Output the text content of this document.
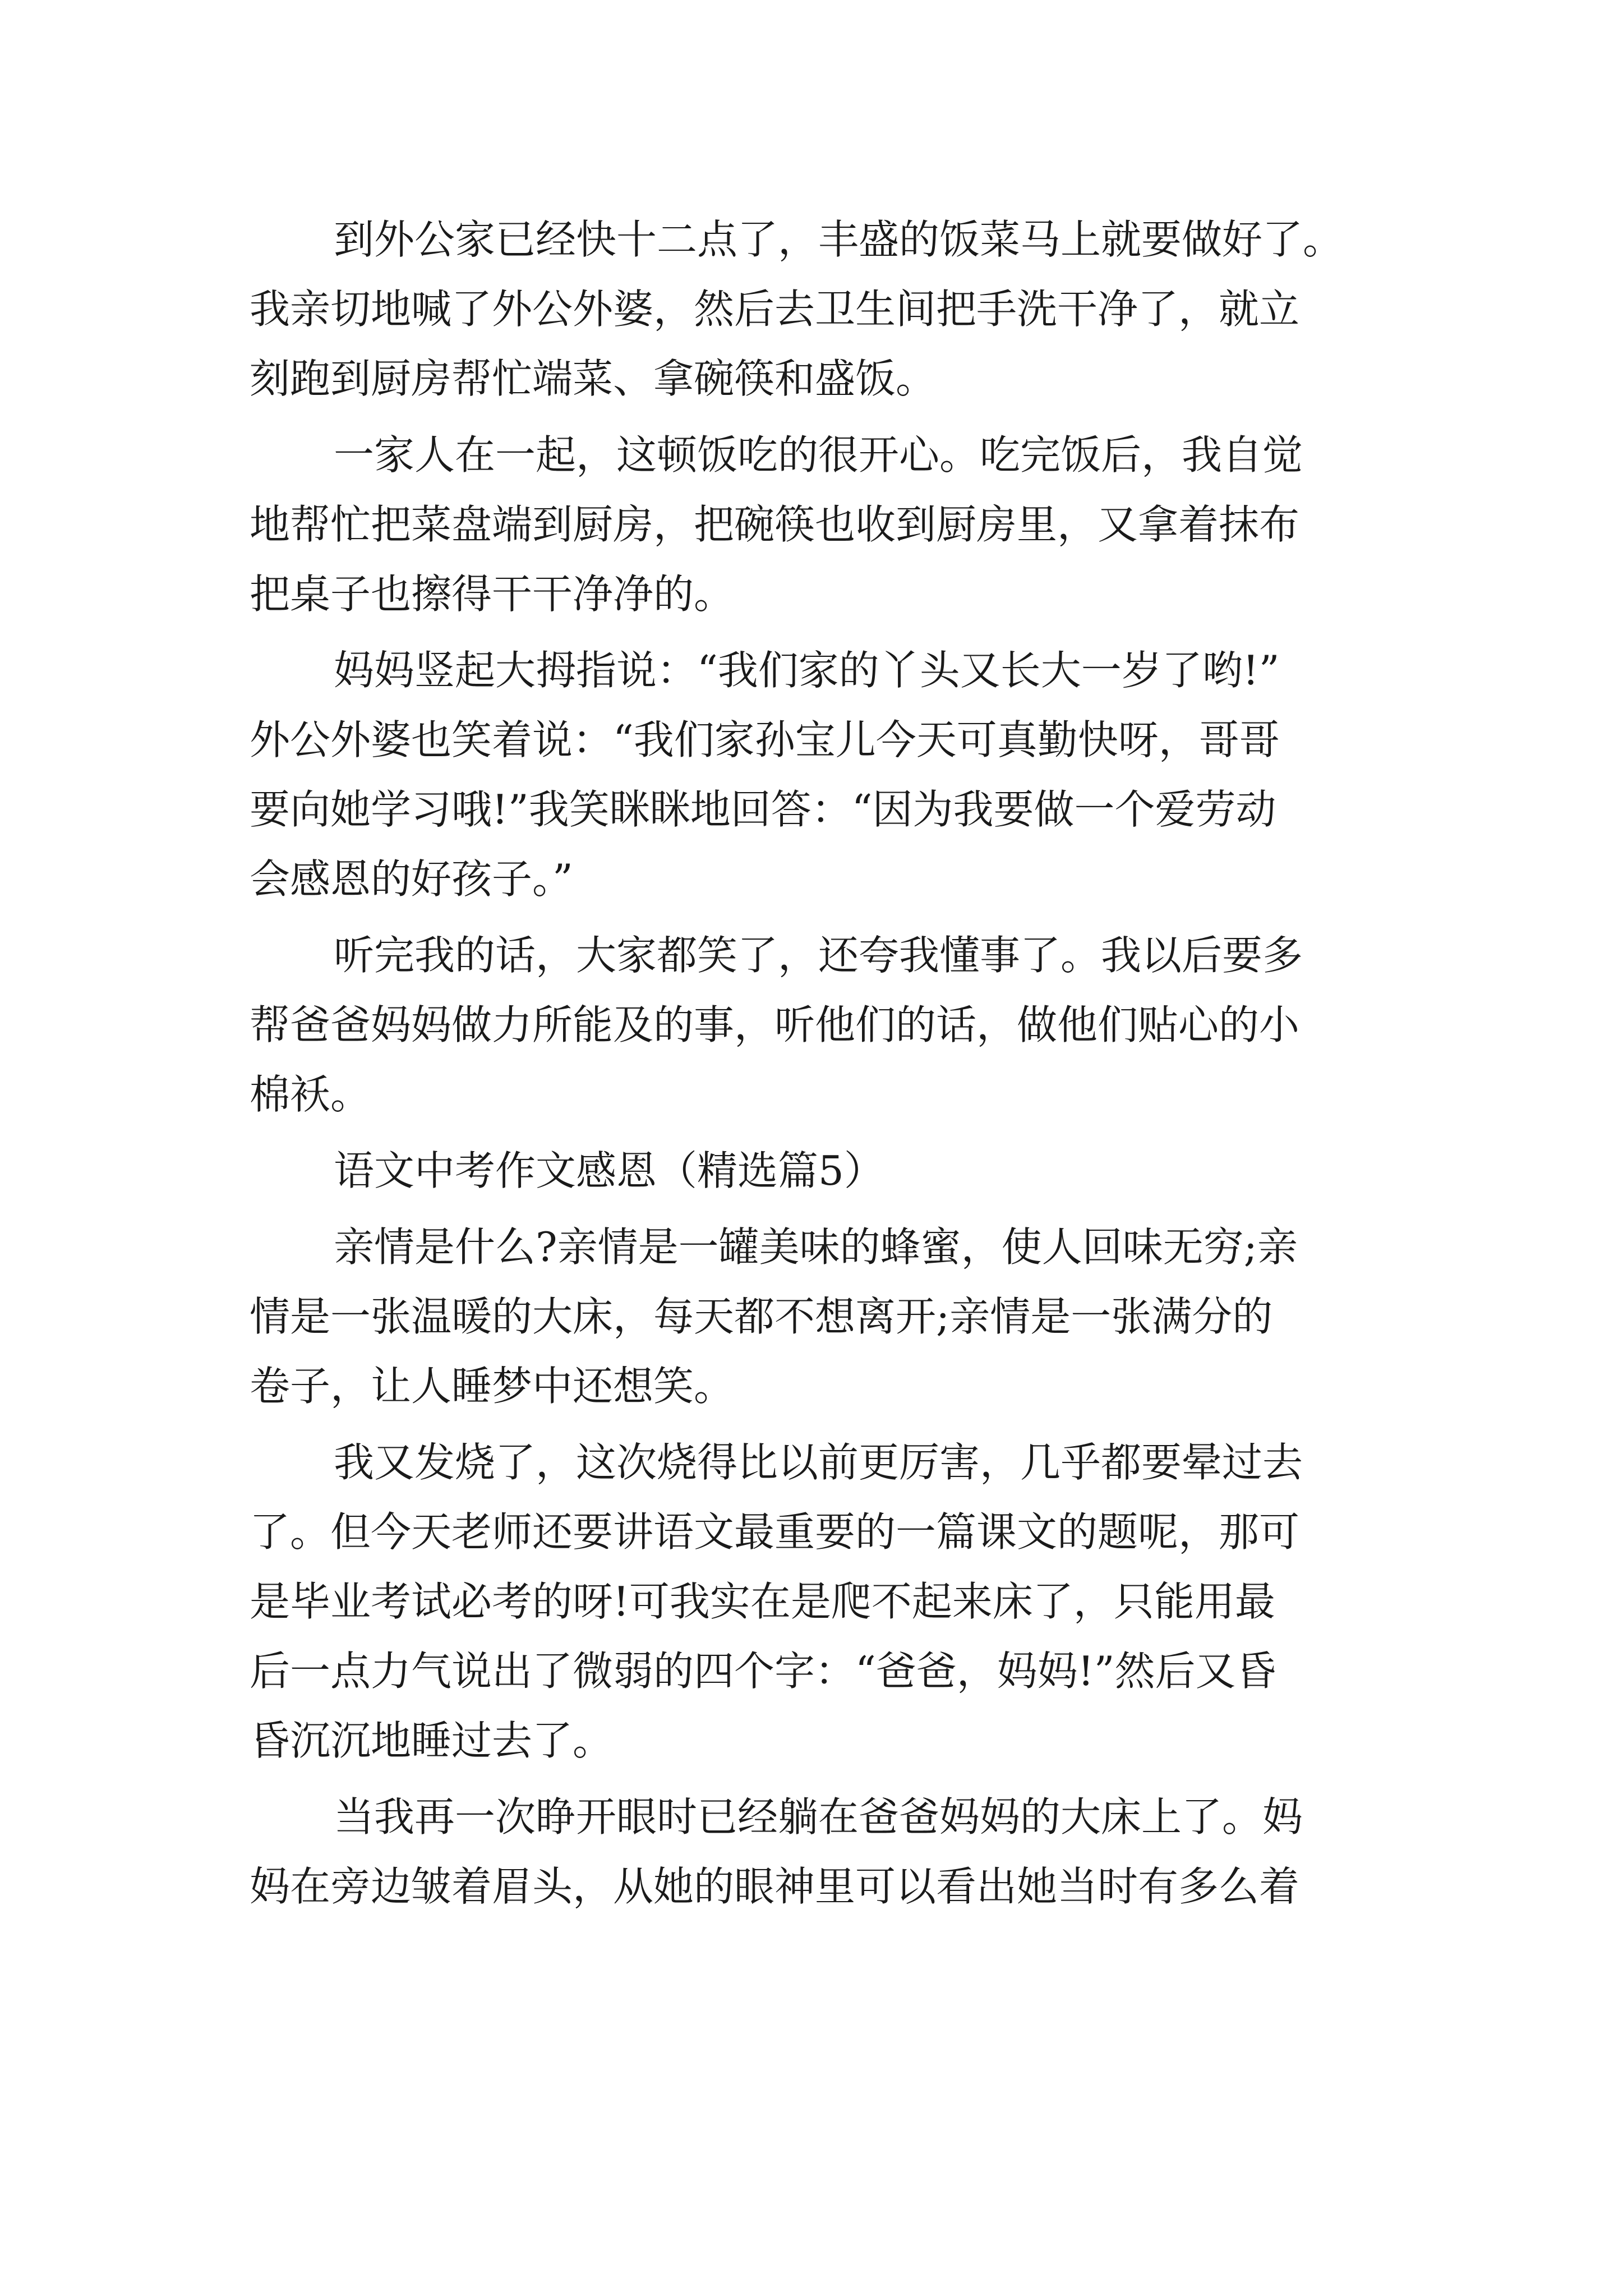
到外公家已经快十二点了，丰盛的饭菜马上就要做好了。
我亲切地喊了外公外婆，然后去卫生间把手洗干净了，就立
刻跑到厨房帮忙端菜、拿碗筷和盛饭。
一家人在一起，这顿饭吃的很开心。吃完饭后，我自觉
地帮忙把菜盘端到厨房，把碗筷也收到厨房里，又拿着抹布
把桌子也擦得干干净净的。
妈妈竖起大拇指说：“我们家的丫头又长大一岁了哟!”
外公外婆也笑着说：“我们家孙宝儿今天可真勤快呀，哥哥
要向她学习哦!”我笑眯眯地回答：“因为我要做一个爱劳动
会感恩的好孩子。”
听完我的话，大家都笑了，还夸我懂事了。我以后要多
帮爸爸妈妈做力所能及的事，听他们的话，做他们贴心的小
棉袄。
语文中考作文感恩（精选篇5）
亲情是什么?亲情是一罐美味的蜂蜜，使人回味无穷;亲
情是一张温暖的大床，每天都不想离开;亲情是一张满分的
卷子，让人睡梦中还想笑。
我又发烧了，这次烧得比以前更厉害，几乎都要晕过去
了。但今天老师还要讲语文最重要的一篇课文的题呢，那可
是毕业考试必考的呀!可我实在是爬不起来床了，只能用最
后一点力气说出了微弱的四个字：“爸爸，妈妈!”然后又昏
昏沉沉地睡过去了。
当我再一次睁开眼时已经躺在爸爸妈妈的大床上了。妈
妈在旁边皱着眉头，从她的眼神里可以看出她当时有多么着
